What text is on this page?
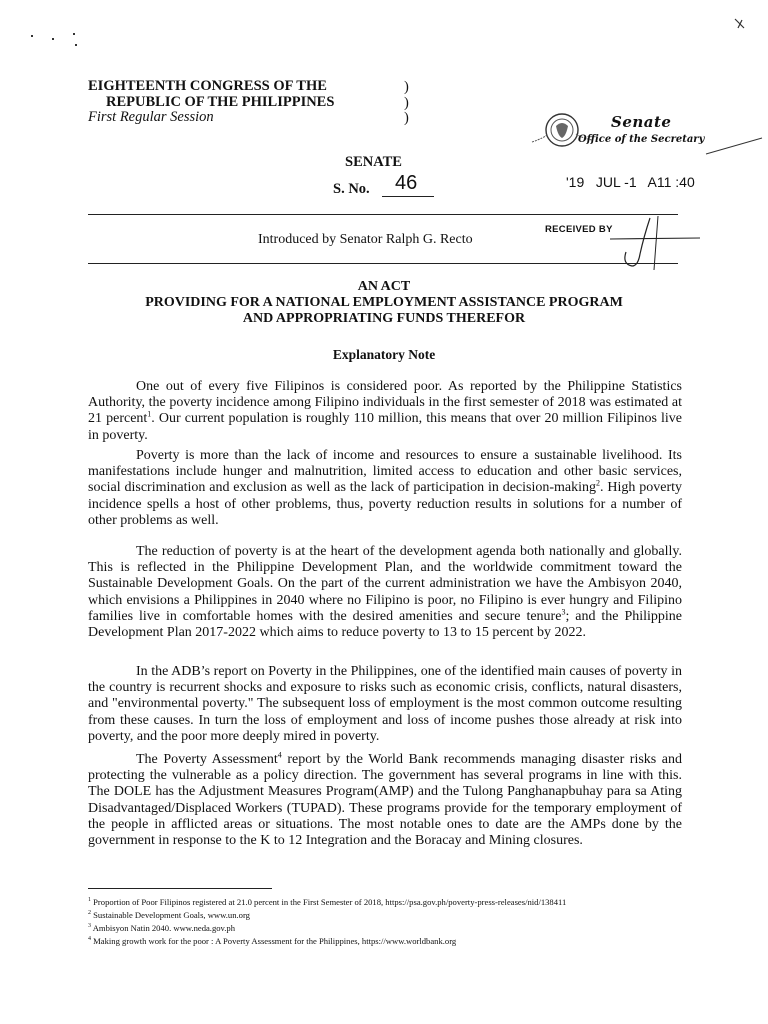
EIGHTEENTH CONGRESS OF THE
REPUBLIC OF THE PHILIPPINES
First Regular Session
)
)
)
SENATE
S. No. 46
Senate
Office of the Secretary
'19   JUL -1   A11 :40
Introduced by Senator Ralph G. Recto
RECEIVED BY
AN ACT
PROVIDING FOR A NATIONAL EMPLOYMENT ASSISTANCE PROGRAM
AND APPROPRIATING FUNDS THEREFOR
Explanatory Note
One out of every five Filipinos is considered poor. As reported by the Philippine Statistics Authority, the poverty incidence among Filipino individuals in the first semester of 2018 was estimated at 21 percent$^1$. Our current population is roughly 110 million, this means that over 20 million Filipinos live in poverty.
Poverty is more than the lack of income and resources to ensure a sustainable livelihood. Its manifestations include hunger and malnutrition, limited access to education and other basic services, social discrimination and exclusion as well as the lack of participation in decision-making$^2$. High poverty incidence spells a host of other problems, thus, poverty reduction results in solutions for a number of other problems as well.
The reduction of poverty is at the heart of the development agenda both nationally and globally. This is reflected in the Philippine Development Plan, and the worldwide commitment toward the Sustainable Development Goals. On the part of the current administration we have the Ambisyon 2040, which envisions a Philippines in 2040 where no Filipino is poor, no Filipino is ever hungry and Filipino families live in comfortable homes with the desired amenities and secure tenure$^3$; and the Philippine Development Plan 2017-2022 which aims to reduce poverty to 13 to 15 percent by 2022.
In the ADB’s report on Poverty in the Philippines, one of the identified main causes of poverty in the country is recurrent shocks and exposure to risks such as economic crisis, conflicts, natural disasters, and "environmental poverty." The subsequent loss of employment is the most common outcome resulting from these causes. In turn the loss of employment and loss of income pushes those already at risk into poverty, and the poor more deeply mired in poverty.
The Poverty Assessment$^4$ report by the World Bank recommends managing disaster risks and protecting the vulnerable as a policy direction. The government has several programs in line with this. The DOLE has the Adjustment Measures Program(AMP) and the Tulong Panghanapbuhay para sa Ating Disadvantaged/Displaced Workers (TUPAD). These programs provide for the temporary employment of the people in afflicted areas or situations. The most notable ones to date are the AMPs done by the government in response to the K to 12 Integration and the Boracay and Mining closures.
$^1$ Proportion of Poor Filipinos registered at 21.0 percent in the First Semester of 2018, https://psa.gov.ph/poverty-press-releases/nid/138411
$^2$ Sustainable Development Goals, www.un.org
$^3$ Ambisyon Natin 2040. www.neda.gov.ph
$^4$ Making growth work for the poor : A Poverty Assessment for the Philippines, https://www.worldbank.org
